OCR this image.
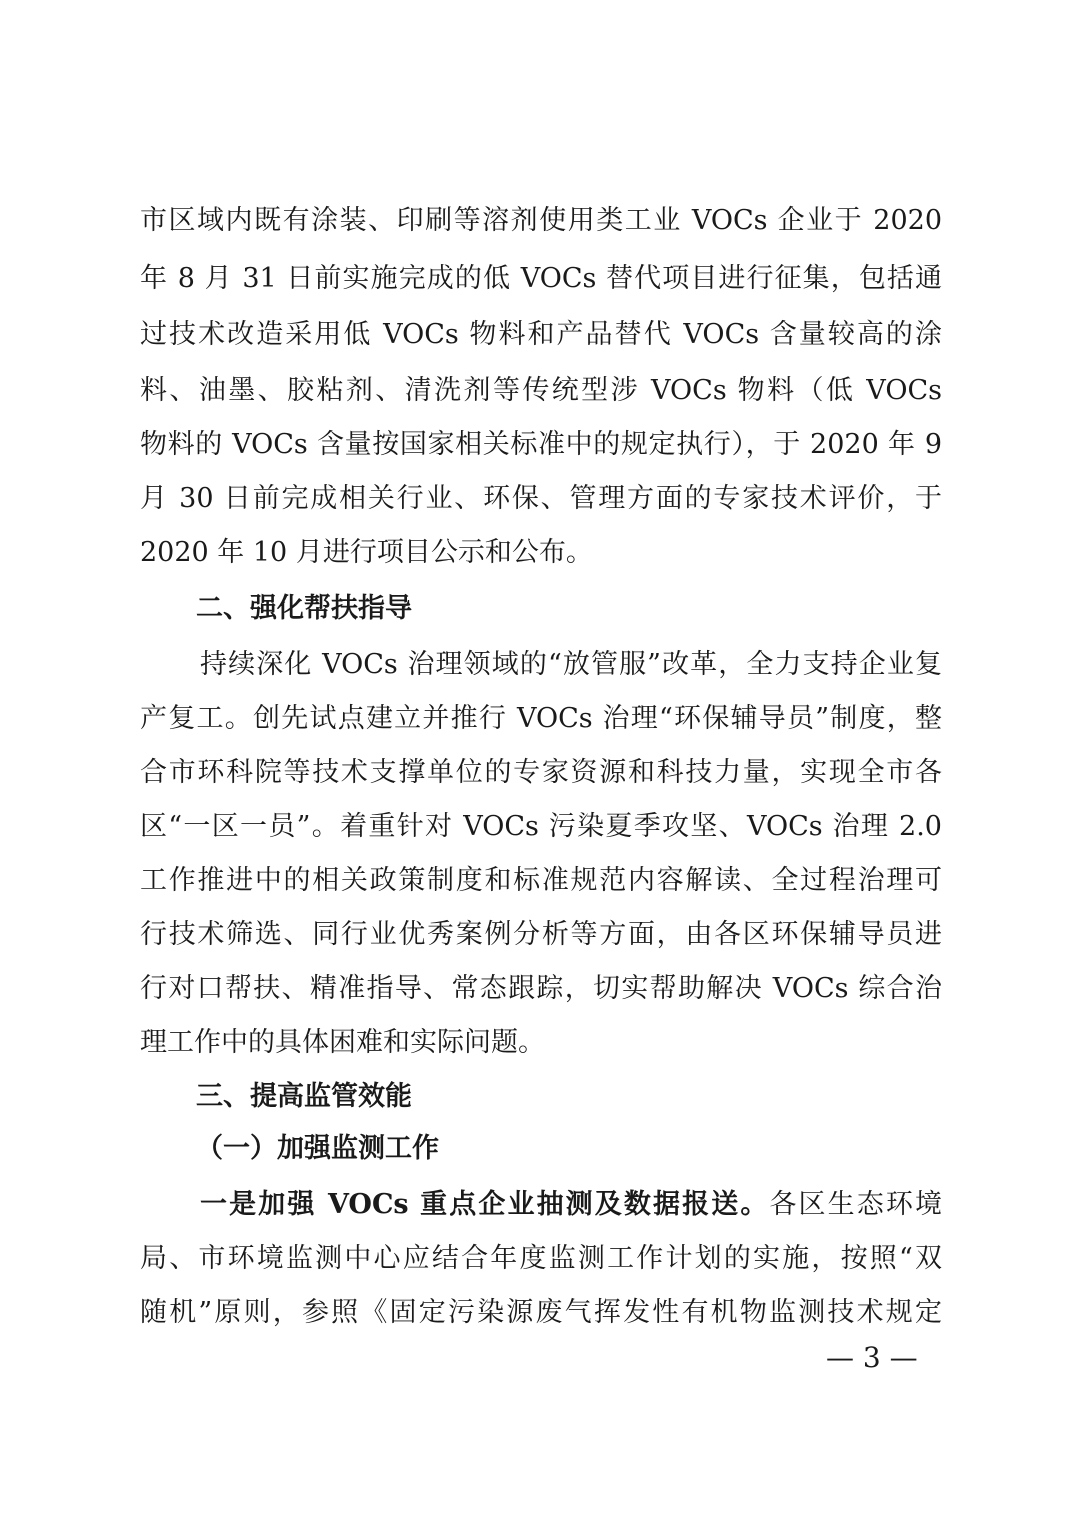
市区域内既有涂装、印刷等溶剂使用类工业 VOCs 企业于 2020
年 8 月 31 日前实施完成的低 VOCs 替代项目进行征集，包括通
过技术改造采用低 VOCs 物料和产品替代 VOCs 含量较高的涂
料、油墨、胶粘剂、清洗剂等传统型涉 VOCs 物料（低 VOCs
物料的 VOCs 含量按国家相关标准中的规定执行），于 2020 年 9
月 30 日前完成相关行业、环保、管理方面的专家技术评价，于
2020 年 10 月进行项目公示和公布。
二、强化帮扶指导
持续深化 VOCs 治理领域的“放管服”改革，全力支持企业复
产复工。创先试点建立并推行 VOCs 治理“环保辅导员”制度，整
合市环科院等技术支撑单位的专家资源和科技力量，实现全市各
区“一区一员”。着重针对 VOCs 污染夏季攻坚、VOCs 治理 2.0
工作推进中的相关政策制度和标准规范内容解读、全过程治理可
行技术筛选、同行业优秀案例分析等方面，由各区环保辅导员进
行对口帮扶、精准指导、常态跟踪，切实帮助解决 VOCs 综合治
理工作中的具体困难和实际问题。
三、提高监管效能
（一）加强监测工作
一是加强 VOCs 重点企业抽测及数据报送。各区生态环境
局、市环境监测中心应结合年度监测工作计划的实施，按照“双
随机”原则，参照《固定污染源废气挥发性有机物监测技术规定
— 3 —
